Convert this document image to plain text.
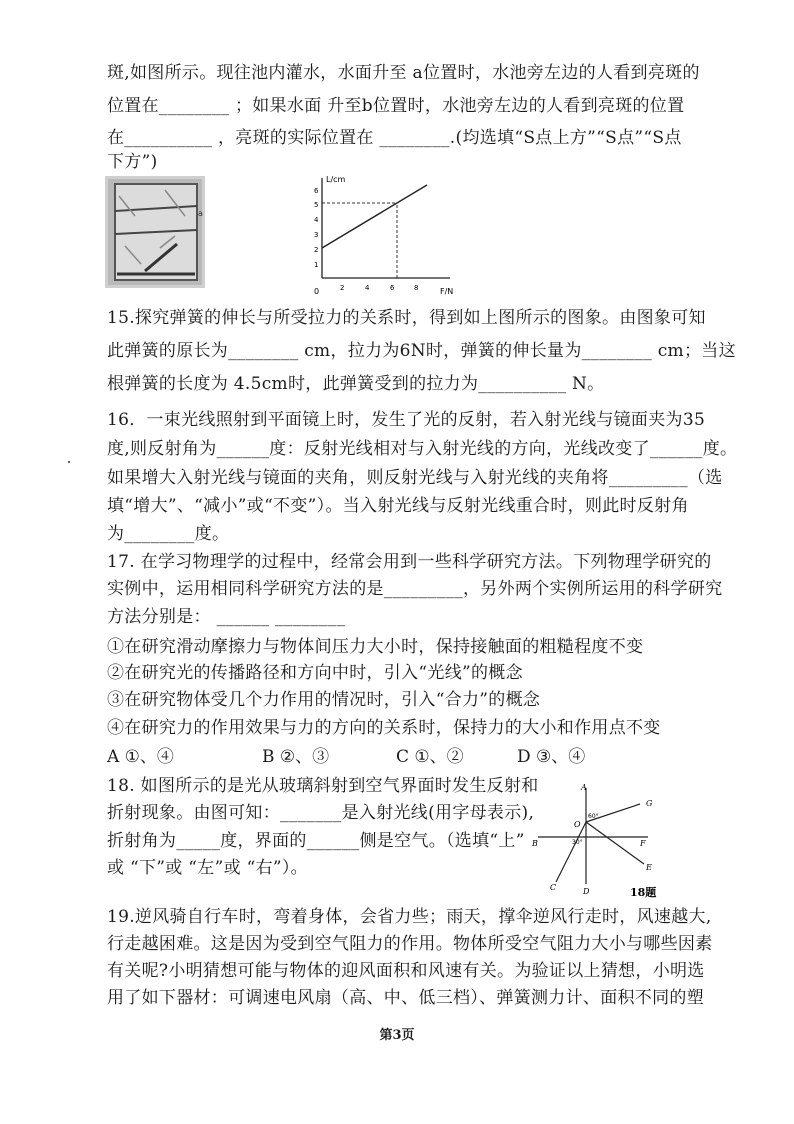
斑,如图所示。现往池内灌水，水面升至 a位置时，水池旁左边的人看到亮斑的
位置在________ ；如果水面 升至b位置时，水池旁左边的人看到亮斑的位置
在__________ ，亮斑的实际位置在 ________.(均选填“S点上方”“S点”“S点
下方”)
a
L/cm
F/N
0	2	4	6	8
1
2
3
4
5
6
15.探究弹簧的伸长与所受拉力的关系时，得到如上图所示的图象。由图象可知
此弹簧的原长为________ cm，拉力为6N时，弹簧的伸长量为________ cm；当这
根弹簧的长度为 4.5cm时，此弹簧受到的拉力为__________ N。
16．一束光线照射到平面镜上时，发生了光的反射，若入射光线与镜面夹为35
度,则反射角为______度：反射光线相对与入射光线的方向，光线改变了______度。
如果增大入射光线与镜面的夹角，则反射光线与入射光线的夹角将_________（选
填“增大”、“减小”或“不变”）。当入射光线与反射光线重合时，则此时反射角
为________度。
17. 在学习物理学的过程中，经常会用到一些科学研究方法。下列物理学研究的
实例中，运用相同科学研究方法的是_________，另外两个实例所运用的科学研究
方法分别是： ______ ________
①在研究滑动摩擦力与物体间压力大小时，保持接触面的粗糙程度不变
②在研究光的传播路径和方向中时，引入“光线”的概念
③在研究物体受几个力作用的情况时，引入“合力”的概念
④在研究力的作用效果与力的方向的关系时，保持力的大小和作用点不变
A ①、④	B ②、③	C ①、②	D ③、④
18. 如图所示的是光从玻璃斜射到空气界面时发生反射和
折射现象。由图可知：_______是入射光线(用字母表示),
折射角为_____度，界面的______侧是空气。（选填“上”
或 “下”或 “左”或 “右”）。
A
G
O
60°
B	F
30°
C	D
E
18题
19.逆风骑自行车时，弯着身体，会省力些；雨天，撑伞逆风行走时，风速越大,
行走越困难。这是因为受到空气阻力的作用。物体所受空气阻力大小与哪些因素
有关呢?小明猜想可能与物体的迎风面积和风速有关。为验证以上猜想，小明选
用了如下器材：可调速电风扇（高、中、低三档）、弹簧测力计、面积不同的塑
第3页
